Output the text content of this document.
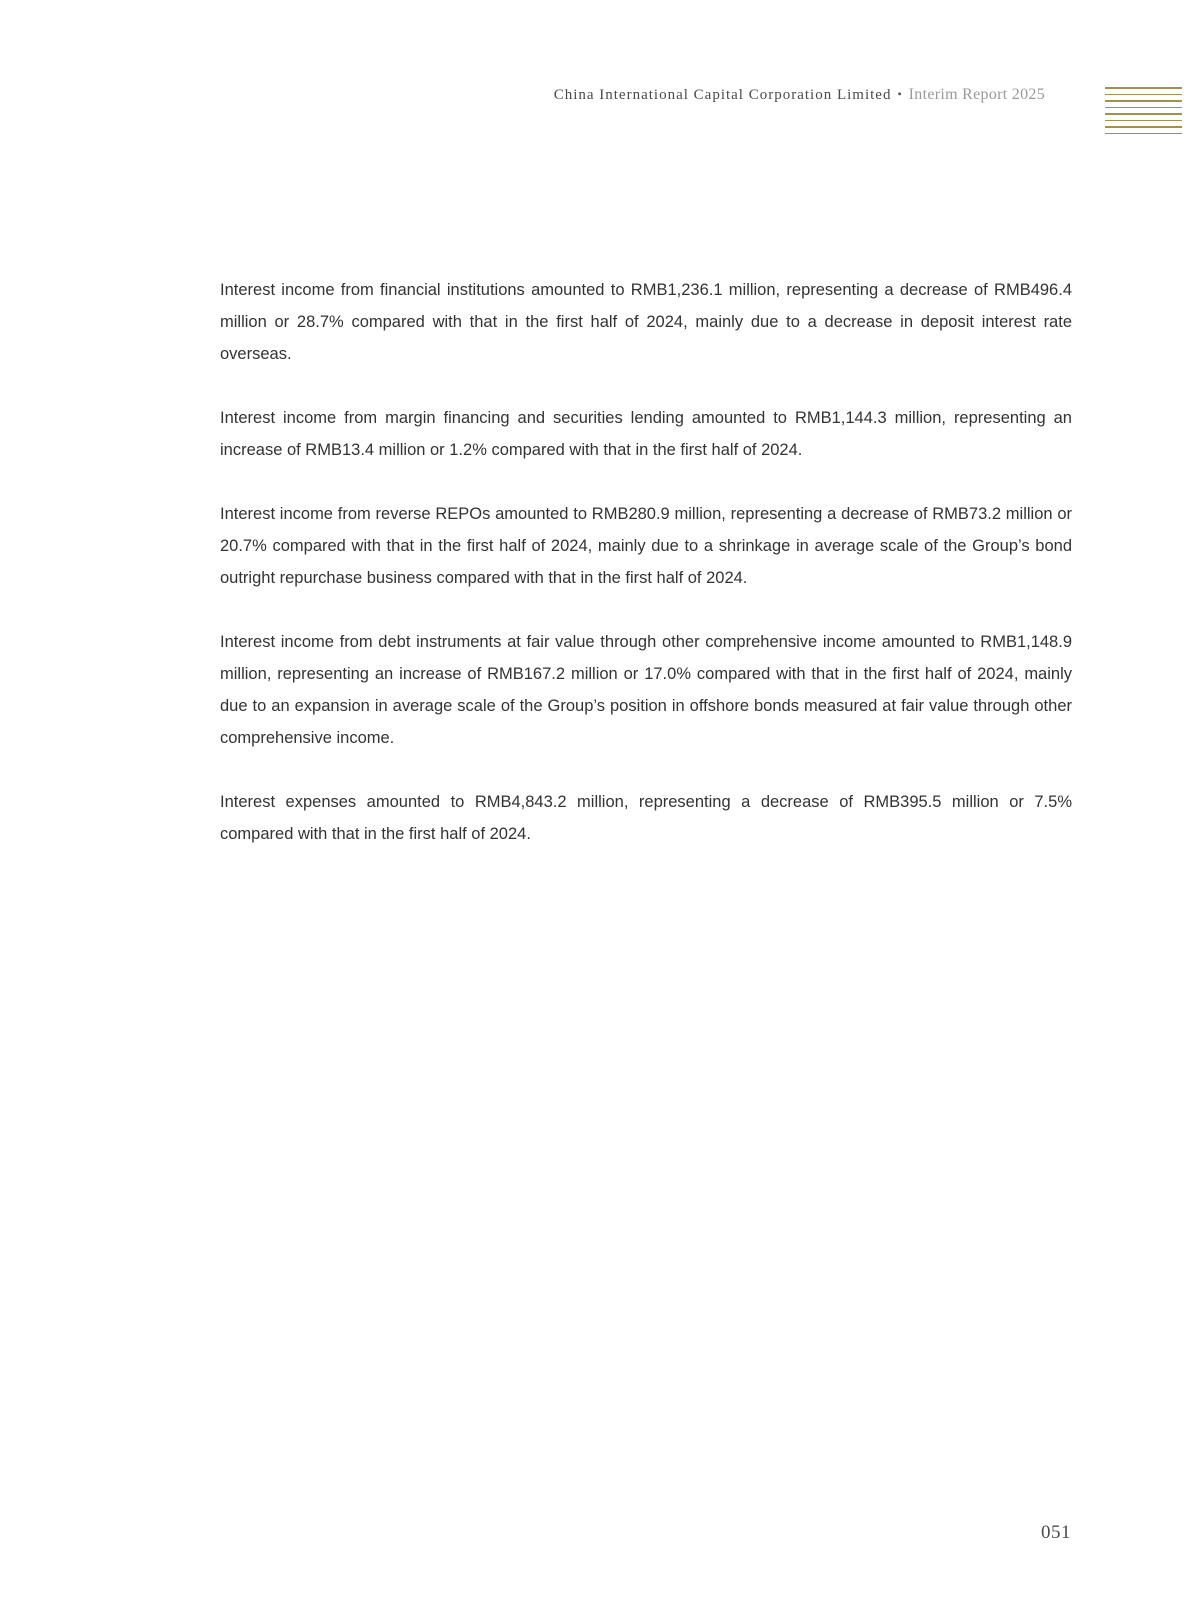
China International Capital Corporation Limited • Interim Report 2025

Interest income from financial institutions amounted to RMB1,236.1 million, representing a decrease of RMB496.4 million or 28.7% compared with that in the first half of 2024, mainly due to a decrease in deposit interest rate overseas.

Interest income from margin financing and securities lending amounted to RMB1,144.3 million, representing an increase of RMB13.4 million or 1.2% compared with that in the first half of 2024.

Interest income from reverse REPOs amounted to RMB280.9 million, representing a decrease of RMB73.2 million or 20.7% compared with that in the first half of 2024, mainly due to a shrinkage in average scale of the Group’s bond outright repurchase business compared with that in the first half of 2024.

Interest income from debt instruments at fair value through other comprehensive income amounted to RMB1,148.9 million, representing an increase of RMB167.2 million or 17.0% compared with that in the first half of 2024, mainly due to an expansion in average scale of the Group’s position in offshore bonds measured at fair value through other comprehensive income.

Interest expenses amounted to RMB4,843.2 million, representing a decrease of RMB395.5 million or 7.5% compared with that in the first half of 2024.

051
